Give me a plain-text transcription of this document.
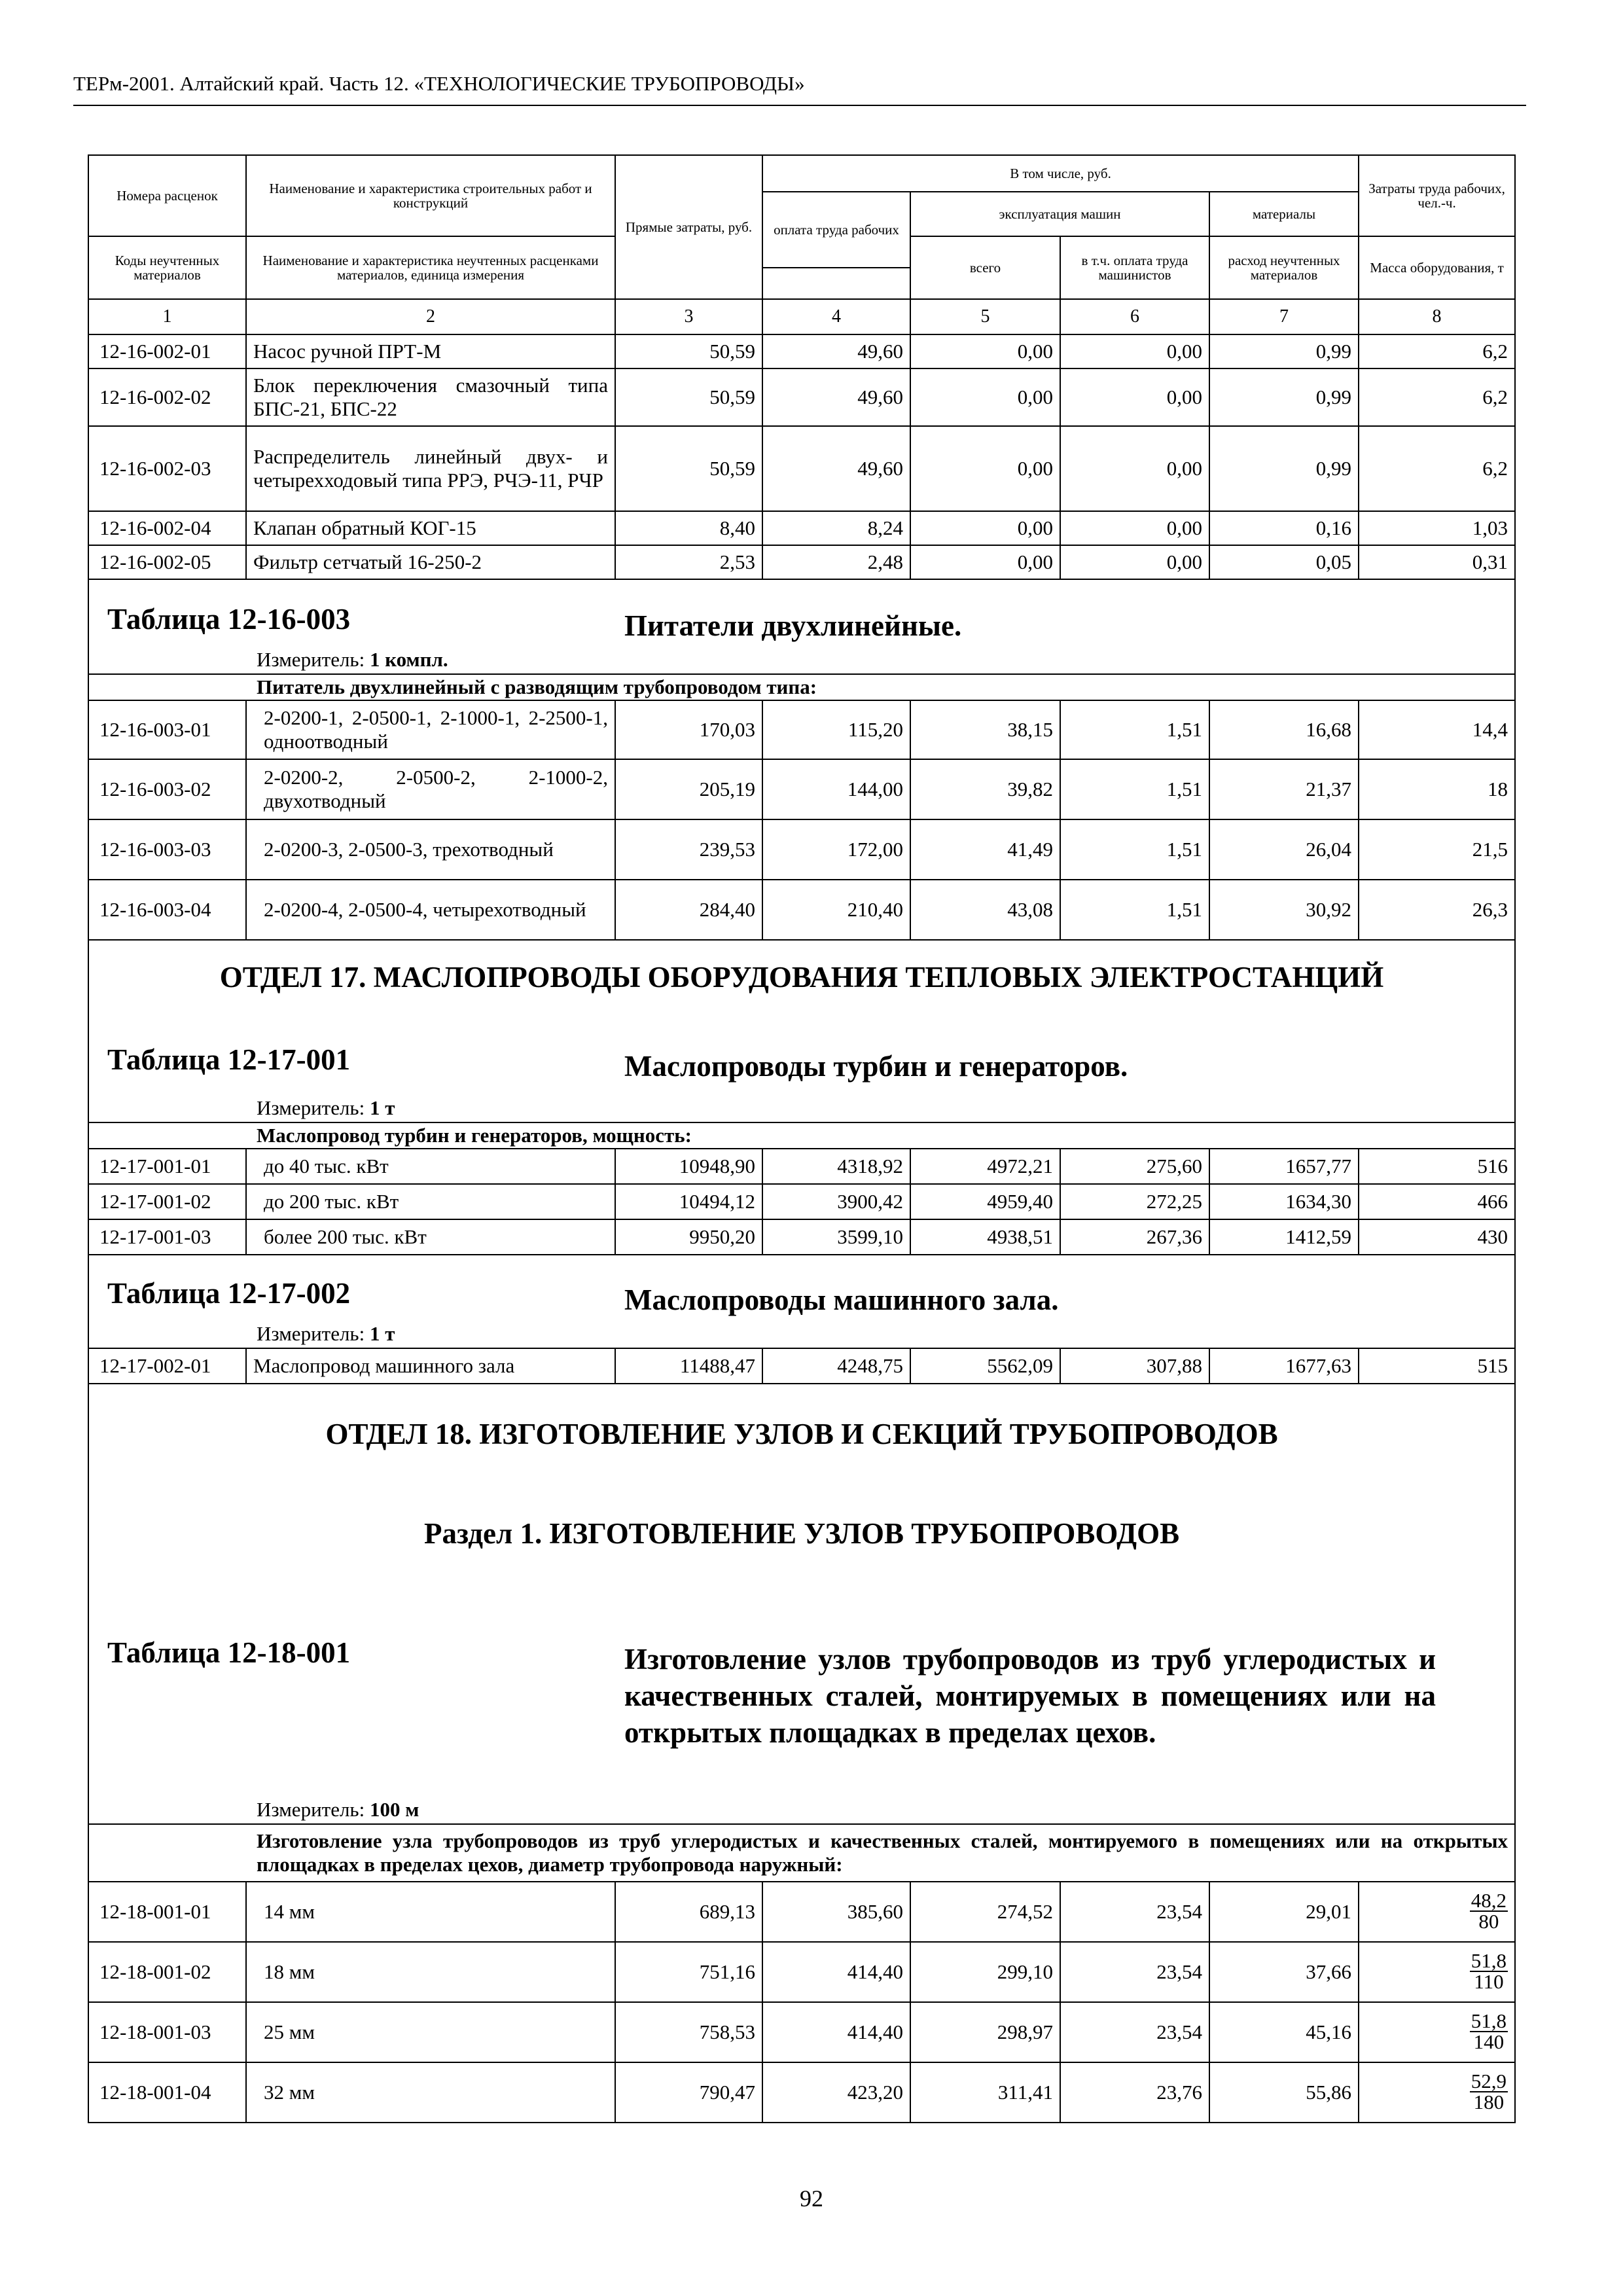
ТЕРм-2001. Алтайский край. Часть 12. «ТЕХНОЛОГИЧЕСКИЕ ТРУБОПРОВОДЫ»
Номера расценок	Наименование и характеристика строительных работ и конструкций	Прямые затраты, руб.	В том числе, руб.				Затраты труда рабочих, чел.-ч.
			оплата труда рабочих	эксплуатация машин		материалы	

Коды неучтенных материалов	Наименование и характеристика неучтенных расценками материалов, единица измерения			всего	в т.ч. оплата труда машинистов	расход неучтенных материалов	Масса оборудования, т

1	2	3	4	5	6	7	8
12-16-002-01	Насос ручной ПРТ-М	50,59	49,60	0,00	0,00	0,99	6,2
12-16-002-02	Блок переключения смазочный типа БПС-21, БПС-22	50,59	49,60	0,00	0,00	0,99	6,2
12-16-002-03	Распределитель линейный двух- и четырехходовый типа РРЭ, РЧЭ-11, РЧР	50,59	49,60	0,00	0,00	0,99	6,2
12-16-002-04	Клапан обратный КОГ-15	8,40	8,24	0,00	0,00	0,16	1,03
12-16-002-05	Фильтр сетчатый 16-250-2	2,53	2,48	0,00	0,00	0,05	0,31

Таблица 12-16-003 Питатели двухлинейные.							

Измеритель: 1 компл.							
Питатель двухлинейный с разводящим трубопроводом типа:							
12-16-003-01	2-0200-1, 2-0500-1, 2-1000-1, 2-2500-1, одноотводный	170,03	115,20	38,15	1,51	16,68	14,4
12-16-003-02	2-0200-2, 2-0500-2, 2-1000-2, двухотводный	205,19	144,00	39,82	1,51	21,37	18
12-16-003-03	2-0200-3, 2-0500-3, трехотводный	239,53	172,00	41,49	1,51	26,04	21,5
12-16-003-04	2-0200-4, 2-0500-4, четырехотводный	284,40	210,40	43,08	1,51	30,92	26,3

ОТДЕЛ 17. МАСЛОПРОВОДЫ ОБОРУДОВАНИЯ ТЕПЛОВЫХ ЭЛЕКТРОСТАНЦИЙ
Таблица 12-17-001 Маслопроводы турбин и генераторов.							

Измеритель: 1 т							
Маслопровод турбин и генераторов, мощность:							
12-17-001-01	до 40 тыс. кВт	10948,90	4318,92	4972,21	275,60	1657,77	516
12-17-001-02	до 200 тыс. кВт	10494,12	3900,42	4959,40	272,25	1634,30	466
12-17-001-03	более 200 тыс. кВт	9950,20	3599,10	4938,51	267,36	1412,59	430

Таблица 12-17-002 Маслопроводы машинного зала.							

Измеритель: 1 т							
12-17-002-01	Маслопровод машинного зала	11488,47	4248,75	5562,09	307,88	1677,63	515

ОТДЕЛ 18. ИЗГОТОВЛЕНИЕ УЗЛОВ И СЕКЦИЙ ТРУБОПРОВОДОВ
Раздел 1. ИЗГОТОВЛЕНИЕ УЗЛОВ ТРУБОПРОВОДОВ
Таблица 12-18-001 Изготовление узлов трубопроводов из труб углеродистых и качественных сталей, монтируемых в помещениях или на открытых площадках в пределах цехов.							

Измеритель: 100 м							
Изготовление узла трубопроводов из труб углеродистых и качественных сталей, монтируемого в помещениях или на открытых площадках в пределах цехов, диаметр трубопровода наружный:							
12-18-001-01	14 мм	689,13	385,60	274,52	23,54	29,01	$\frac{48,2}{80}$

12-18-001-02	18 мм	751,16	414,40	299,10	23,54	37,66	$\frac{51,8}{110}$

12-18-001-03	25 мм	758,53	414,40	298,97	23,54	45,16	$\frac{51,8}{140}$

12-18-001-04	32 мм	790,47	423,20	311,41	23,76	55,86	$\frac{52,9}{180}$
92
